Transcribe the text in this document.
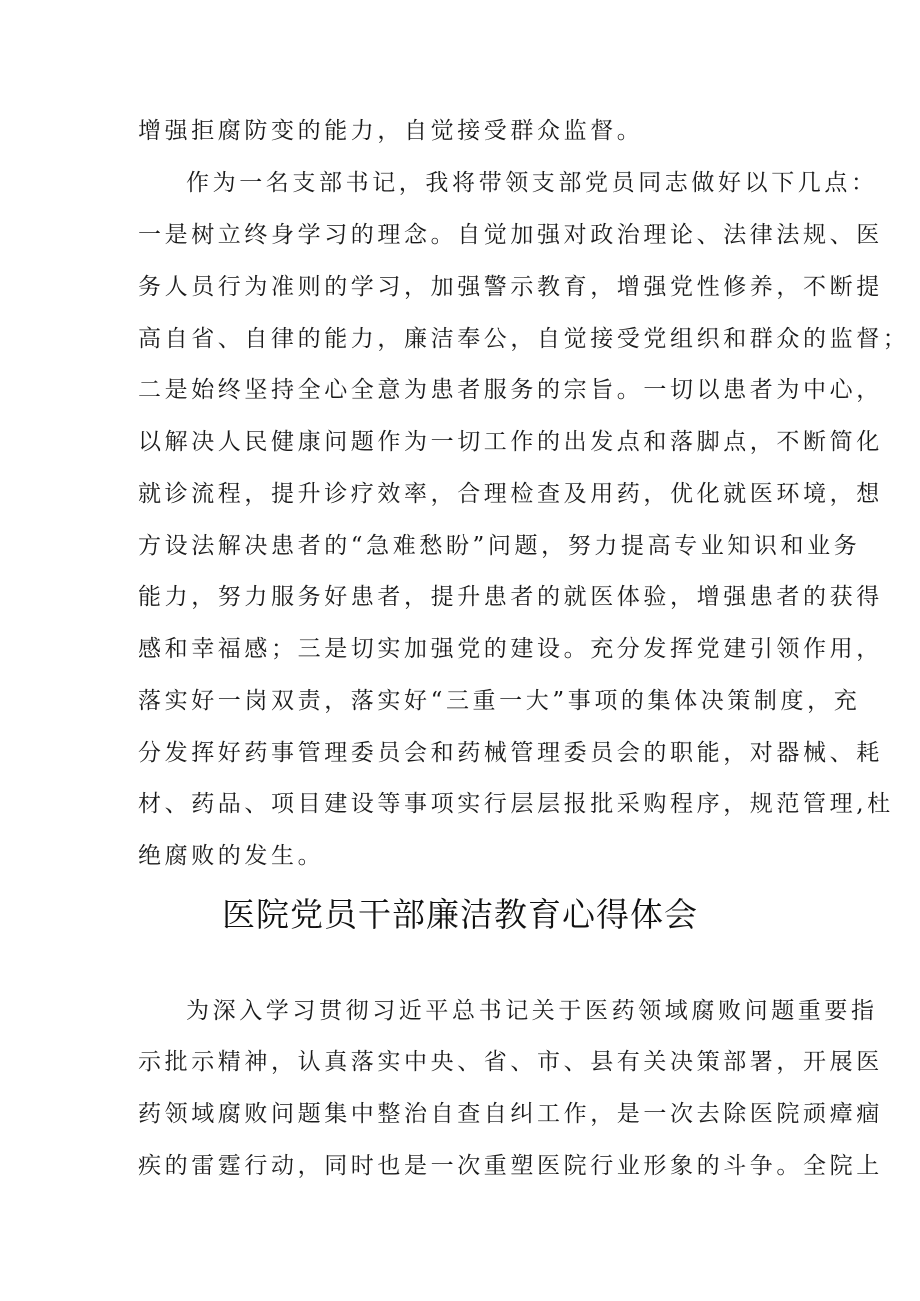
增强拒腐防变的能力，自觉接受群众监督。
作为一名支部书记，我将带领支部党员同志做好以下几点：
一是树立终身学习的理念。自觉加强对政治理论、法律法规、医
务人员行为准则的学习，加强警示教育，增强党性修养，不断提
高自省、自律的能力，廉洁奉公，自觉接受党组织和群众的监督；
二是始终坚持全心全意为患者服务的宗旨。一切以患者为中心，
以解决人民健康问题作为一切工作的出发点和落脚点，不断简化
就诊流程，提升诊疗效率，合理检查及用药，优化就医环境，想
方设法解决患者的“急难愁盼”问题，努力提高专业知识和业务
能力，努力服务好患者，提升患者的就医体验，增强患者的获得
感和幸福感；三是切实加强党的建设。充分发挥党建引领作用，
落实好一岗双责，落实好“三重一大”事项的集体决策制度，充
分发挥好药事管理委员会和药械管理委员会的职能，对器械、耗
材、药品、项目建设等事项实行层层报批采购程序，规范管理,杜
绝腐败的发生。
医院党员干部廉洁教育心得体会
为深入学习贯彻习近平总书记关于医药领域腐败问题重要指
示批示精神，认真落实中央、省、市、县有关决策部署，开展医
药领域腐败问题集中整治自查自纠工作，是一次去除医院顽瘴痼
疾的雷霆行动，同时也是一次重塑医院行业形象的斗争。全院上
